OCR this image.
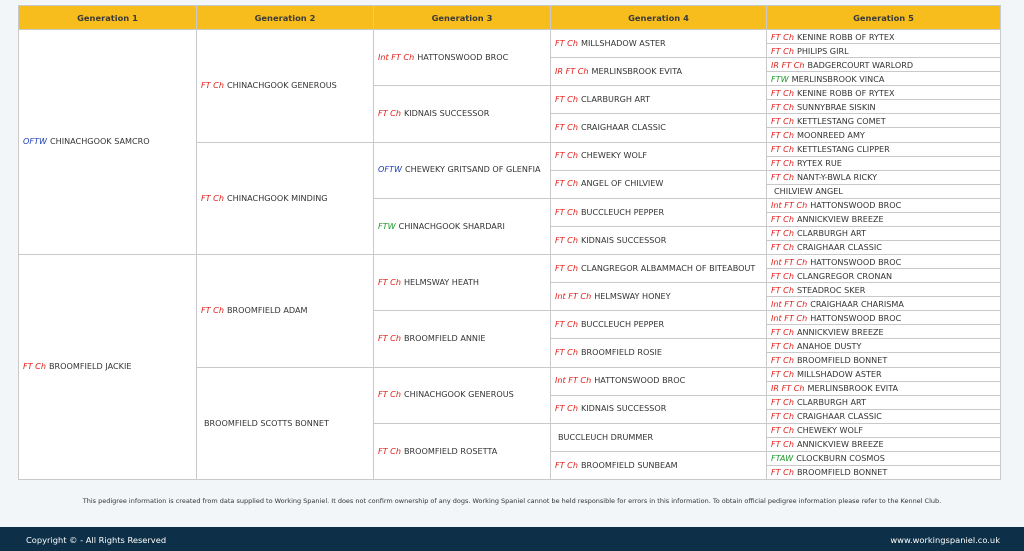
Generation 1	Generation 2	Generation 3	Generation 4	Generation 5
OFTW CHINACHGOOK SAMCRO	FT Ch CHINACHGOOK GENEROUS	Int FT Ch HATTONSWOOD BROC	FT Ch MILLSHADOW ASTER	FT Ch KENINE ROBB OF RYTEX
				FT Ch PHILIPS GIRL
			IR FT Ch MERLINSBROOK EVITA	IR FT Ch BADGERCOURT WARLORD
				FTW MERLINSBROOK VINCA
		FT Ch KIDNAIS SUCCESSOR	FT Ch CLARBURGH ART	FT Ch KENINE ROBB OF RYTEX
				FT Ch SUNNYBRAE SISKIN
			FT Ch CRAIGHAAR CLASSIC	FT Ch KETTLESTANG COMET
				FT Ch MOONREED AMY
	FT Ch CHINACHGOOK MINDING	OFTW CHEWEKY GRITSAND OF GLENFIA	FT Ch CHEWEKY WOLF	FT Ch KETTLESTANG CLIPPER
				FT Ch RYTEX RUE
			FT Ch ANGEL OF CHILVIEW	FT Ch NANT-Y-BWLA RICKY
				CHILVIEW ANGEL
		FTW CHINACHGOOK SHARDARI	FT Ch BUCCLEUCH PEPPER	Int FT Ch HATTONSWOOD BROC
				FT Ch ANNICKVIEW BREEZE
			FT Ch KIDNAIS SUCCESSOR	FT Ch CLARBURGH ART
				FT Ch CRAIGHAAR CLASSIC
FT Ch BROOMFIELD JACKIE	FT Ch BROOMFIELD ADAM	FT Ch HELMSWAY HEATH	FT Ch CLANGREGOR ALBAMMACH OF BITEABOUT	Int FT Ch HATTONSWOOD BROC
				FT Ch CLANGREGOR CRONAN
			Int FT Ch HELMSWAY HONEY	FT Ch STEADROC SKER
				Int FT Ch CRAIGHAAR CHARISMA
		FT Ch BROOMFIELD ANNIE	FT Ch BUCCLEUCH PEPPER	Int FT Ch HATTONSWOOD BROC
				FT Ch ANNICKVIEW BREEZE
			FT Ch BROOMFIELD ROSIE	FT Ch ANAHOE DUSTY
				FT Ch BROOMFIELD BONNET
	BROOMFIELD SCOTTS BONNET	FT Ch CHINACHGOOK GENEROUS	Int FT Ch HATTONSWOOD BROC	FT Ch MILLSHADOW ASTER
				IR FT Ch MERLINSBROOK EVITA
			FT Ch KIDNAIS SUCCESSOR	FT Ch CLARBURGH ART
				FT Ch CRAIGHAAR CLASSIC
		FT Ch BROOMFIELD ROSETTA	BUCCLEUCH DRUMMER	FT Ch CHEWEKY WOLF
				FT Ch ANNICKVIEW BREEZE
			FT Ch BROOMFIELD SUNBEAM	FTAW CLOCKBURN COSMOS
				FT Ch BROOMFIELD BONNET
This pedigree information is created from data supplied to Working Spaniel. It does not confirm ownership of any dogs. Working Spaniel cannot be held responsible for errors in this information. To obtain official pedigree information please refer to the Kennel Club.
Copyright © - All Rights Reserved	www.workingspaniel.co.uk
